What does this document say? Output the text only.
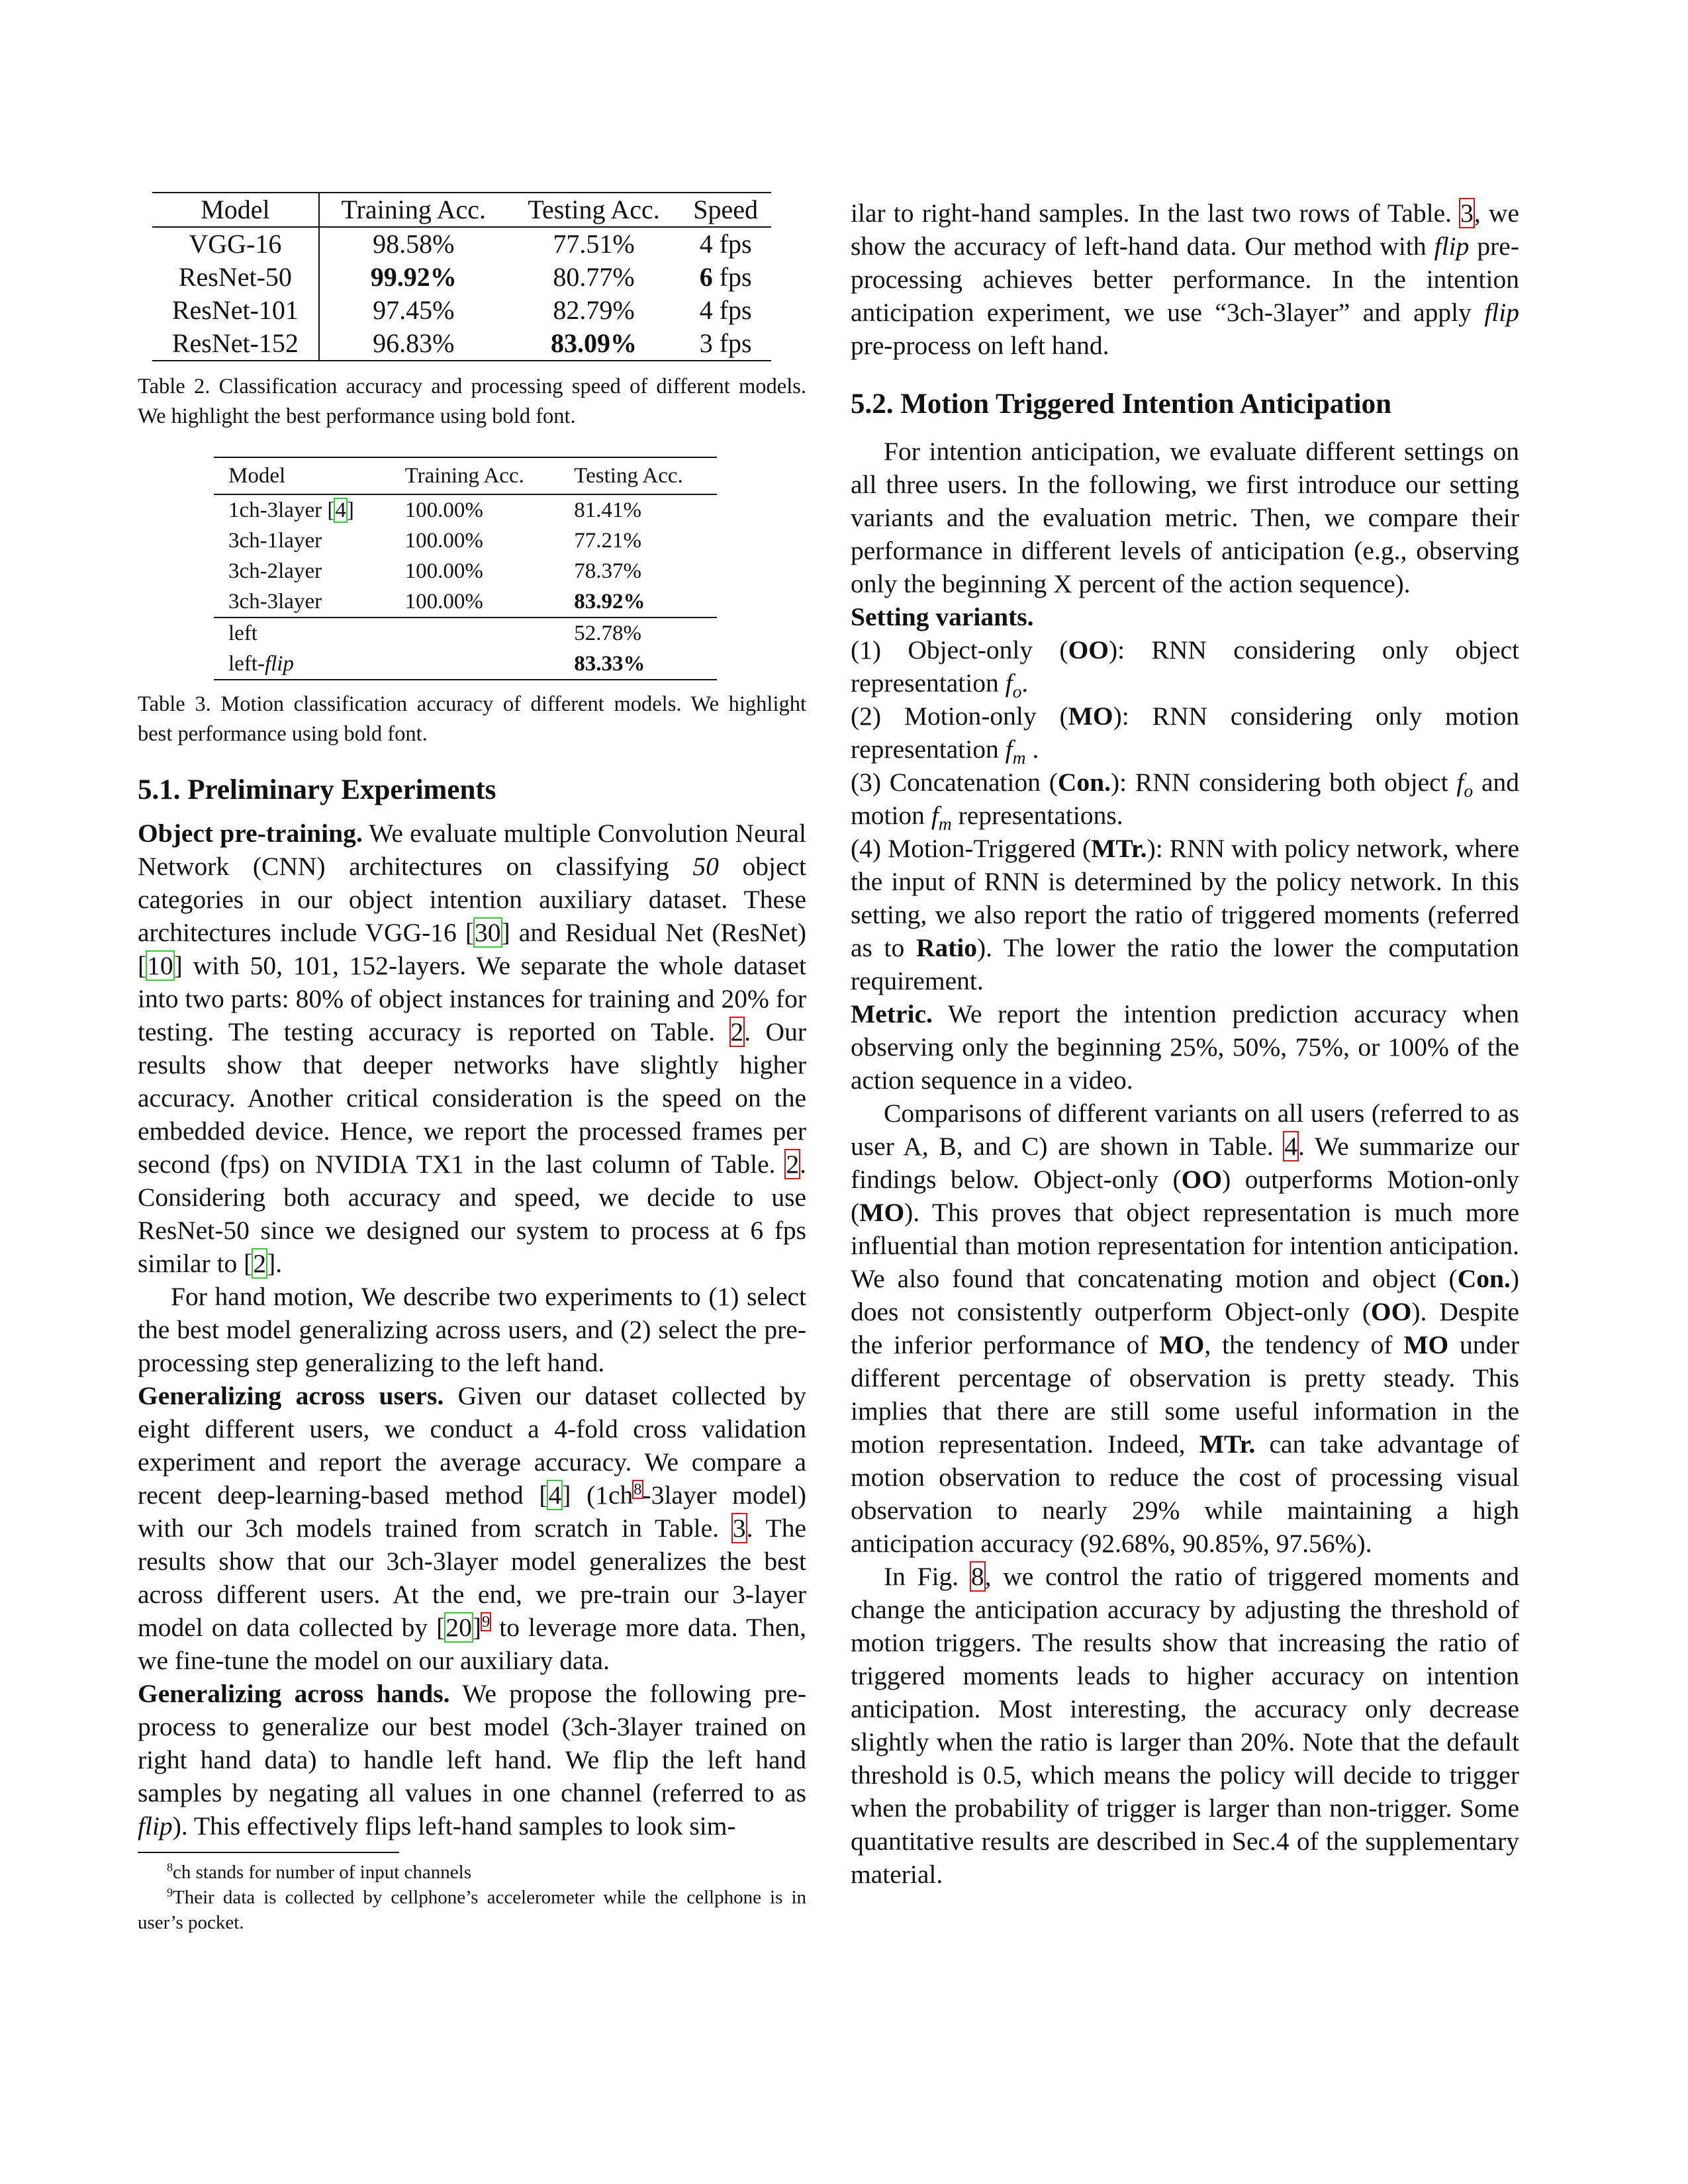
Model	Training Acc.	Testing Acc.	Speed
VGG-16	98.58%	77.51%	4 fps
ResNet-50	99.92%	80.77%	6 fps
ResNet-101	97.45%	82.79%	4 fps
ResNet-152	96.83%	83.09%	3 fps

Table 2. Classification accuracy and processing speed of different models. We highlight the best performance using bold font.

Model	Training Acc.	Testing Acc.
1ch-3layer [4]	100.00%	81.41%
3ch-1layer	100.00%	77.21%
3ch-2layer	100.00%	78.37%
3ch-3layer	100.00%	83.92%
left		52.78%
left-flip		83.33%

Table 3. Motion classification accuracy of different models. We highlight best performance using bold font.

5.1. Preliminary Experiments

Object pre-training. We evaluate multiple Convolution Neural Network (CNN) architectures on classifying 50 object categories in our object intention auxiliary dataset. These architectures include VGG-16 [30] and Residual Net (ResNet) [10] with 50, 101, 152-layers. We separate the whole dataset into two parts: 80% of object instances for training and 20% for testing. The testing accuracy is reported on Table. 2. Our results show that deeper networks have slightly higher accuracy. Another critical consideration is the speed on the embedded device. Hence, we report the processed frames per second (fps) on NVIDIA TX1 in the last column of Table. 2. Considering both accuracy and speed, we decide to use ResNet-50 since we designed our system to process at 6 fps similar to [2].

For hand motion, We describe two experiments to (1) select the best model generalizing across users, and (2) select the pre-processing step generalizing to the left hand.

Generalizing across users. Given our dataset collected by eight different users, we conduct a 4-fold cross validation experiment and report the average accuracy. We compare a recent deep-learning-based method [4] (1ch$^8$-3layer model) with our 3ch models trained from scratch in Table. 3. The results show that our 3ch-3layer model generalizes the best across different users. At the end, we pre-train our 3-layer model on data collected by [20]$^9$ to leverage more data. Then, we fine-tune the model on our auxiliary data.

Generalizing across hands. We propose the following pre-process to generalize our best model (3ch-3layer trained on right hand data) to handle left hand. We flip the left hand samples by negating all values in one channel (referred to as flip). This effectively flips left-hand samples to look sim-

$^8$ch stands for number of input channels

$^9$Their data is collected by cellphone’s accelerometer while the cellphone is in user’s pocket.

ilar to right-hand samples. In the last two rows of Table. 3, we show the accuracy of left-hand data. Our method with flip pre-processing achieves better performance. In the intention anticipation experiment, we use “3ch-3layer” and apply flip pre-process on left hand.

5.2. Motion Triggered Intention Anticipation

For intention anticipation, we evaluate different settings on all three users. In the following, we first introduce our setting variants and the evaluation metric. Then, we compare their performance in different levels of anticipation (e.g., observing only the beginning X percent of the action sequence).

Setting variants.

(1) Object-only (OO): RNN considering only object representation $f_o$.

(2) Motion-only (MO): RNN considering only motion representation $f_m$ .

(3) Concatenation (Con.): RNN considering both object $f_o$ and motion $f_m$ representations.

(4) Motion-Triggered (MTr.): RNN with policy network, where the input of RNN is determined by the policy network. In this setting, we also report the ratio of triggered moments (referred as to Ratio). The lower the ratio the lower the computation requirement.

Metric. We report the intention prediction accuracy when observing only the beginning 25%, 50%, 75%, or 100% of the action sequence in a video.

Comparisons of different variants on all users (referred to as user A, B, and C) are shown in Table. 4. We summarize our findings below. Object-only (OO) outperforms Motion-only (MO). This proves that object representation is much more influential than motion representation for intention anticipation. We also found that concatenating motion and object (Con.) does not consistently outperform Object-only (OO). Despite the inferior performance of MO, the tendency of MO under different percentage of observation is pretty steady. This implies that there are still some useful information in the motion representation. Indeed, MTr. can take advantage of motion observation to reduce the cost of processing visual observation to nearly 29% while maintaining a high anticipation accuracy (92.68%, 90.85%, 97.56%).

In Fig. 8, we control the ratio of triggered moments and change the anticipation accuracy by adjusting the threshold of motion triggers. The results show that increasing the ratio of triggered moments leads to higher accuracy on intention anticipation. Most interesting, the accuracy only decrease slightly when the ratio is larger than 20%. Note that the default threshold is 0.5, which means the policy will decide to trigger when the probability of trigger is larger than non-trigger. Some quantitative results are described in Sec.4 of the supplementary material.
